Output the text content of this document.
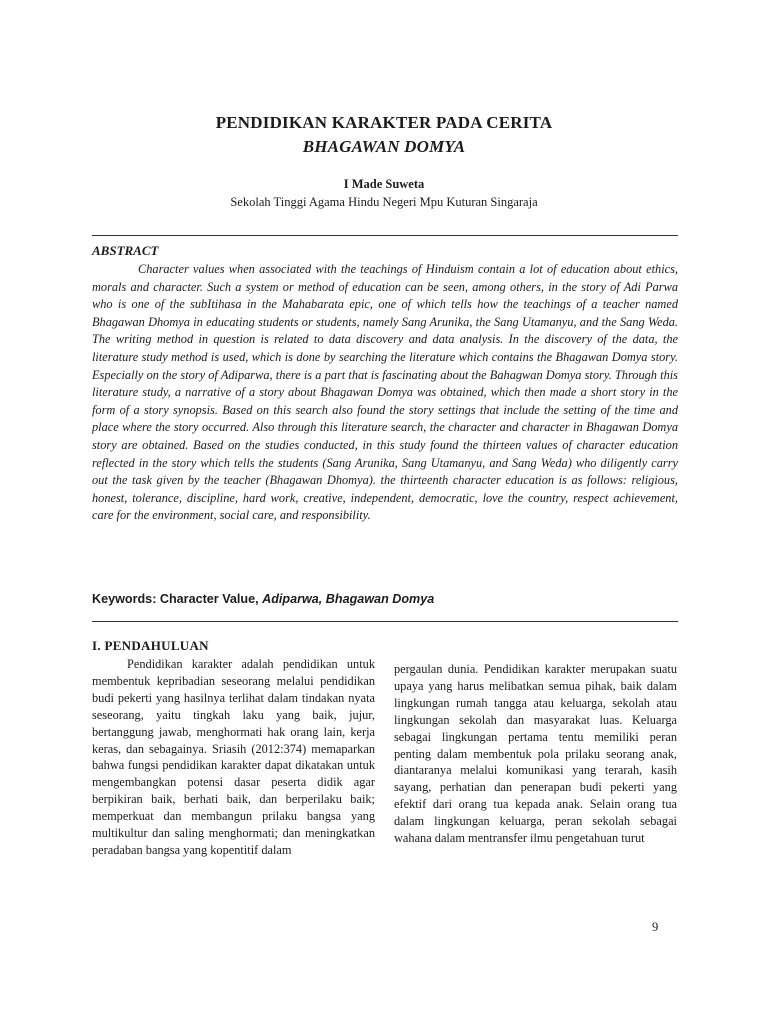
PENDIDIKAN KARAKTER PADA CERITA
BHAGAWAN DOMYA
I Made Suweta
Sekolah Tinggi Agama Hindu Negeri Mpu Kuturan Singaraja
ABSTRACT

Character values when associated with the teachings of Hinduism contain a lot of education about ethics, morals and character. Such a system or method of education can be seen, among others, in the story of Adi Parwa who is one of the subItihasa in the Mahabarata epic, one of which tells how the teachings of a teacher named Bhagawan Dhomya in educating students or students, namely Sang Arunika, the Sang Utamanyu, and the Sang Weda. The writing method in question is related to data discovery and data analysis. In the discovery of the data, the literature study method is used, which is done by searching the literature which contains the Bhagawan Domya story. Especially on the story of Adiparwa, there is a part that is fascinating about the Bahagwan Domya story. Through this literature study, a narrative of a story about Bhagawan Domya was obtained, which then made a short story in the form of a story synopsis. Based on this search also found the story settings that include the setting of the time and place where the story occurred. Also through this literature search, the character and character in Bhagawan Domya story are obtained. Based on the studies conducted, in this study found the thirteen values of character education reflected in the story which tells the students (Sang Arunika, Sang Utamanyu, and Sang Weda) who diligently carry out the task given by the teacher (Bhagawan Dhomya). the thirteenth character education is as follows: religious, honest, tolerance, discipline, hard work, creative, independent, democratic, love the country, respect achievement, care for the environment, social care, and responsibility.

Keywords: Character Value, Adiparwa, Bhagawan Domya
I. PENDAHULUAN

Pendidikan karakter adalah pendidikan untuk membentuk kepribadian seseorang melalui pendidikan budi pekerti yang hasilnya terlihat dalam tindakan nyata seseorang, yaitu tingkah laku yang baik, jujur, bertanggung jawab, menghormati hak orang lain, kerja keras, dan sebagainya. Sriasih (2012:374) memaparkan bahwa fungsi pendidikan karakter dapat dikatakan untuk mengembangkan potensi dasar peserta didik agar berpikiran baik, berhati baik, dan berperilaku baik; memperkuat dan membangun prilaku bangsa yang multikultur dan saling menghormati; dan meningkatkan peradaban bangsa yang kopentitif dalam

pergaulan dunia. Pendidikan karakter merupakan suatu upaya yang harus melibatkan semua pihak, baik dalam lingkungan rumah tangga atau keluarga, sekolah atau lingkungan sekolah dan masyarakat luas. Keluarga sebagai lingkungan pertama tentu memiliki peran penting dalam membentuk pola prilaku seorang anak, diantaranya melalui komunikasi yang terarah, kasih sayang, perhatian dan penerapan budi pekerti yang efektif dari orang tua kepada anak. Selain orang tua dalam lingkungan keluarga, peran sekolah sebagai wahana dalam mentransfer ilmu pengetahuan turut

9
